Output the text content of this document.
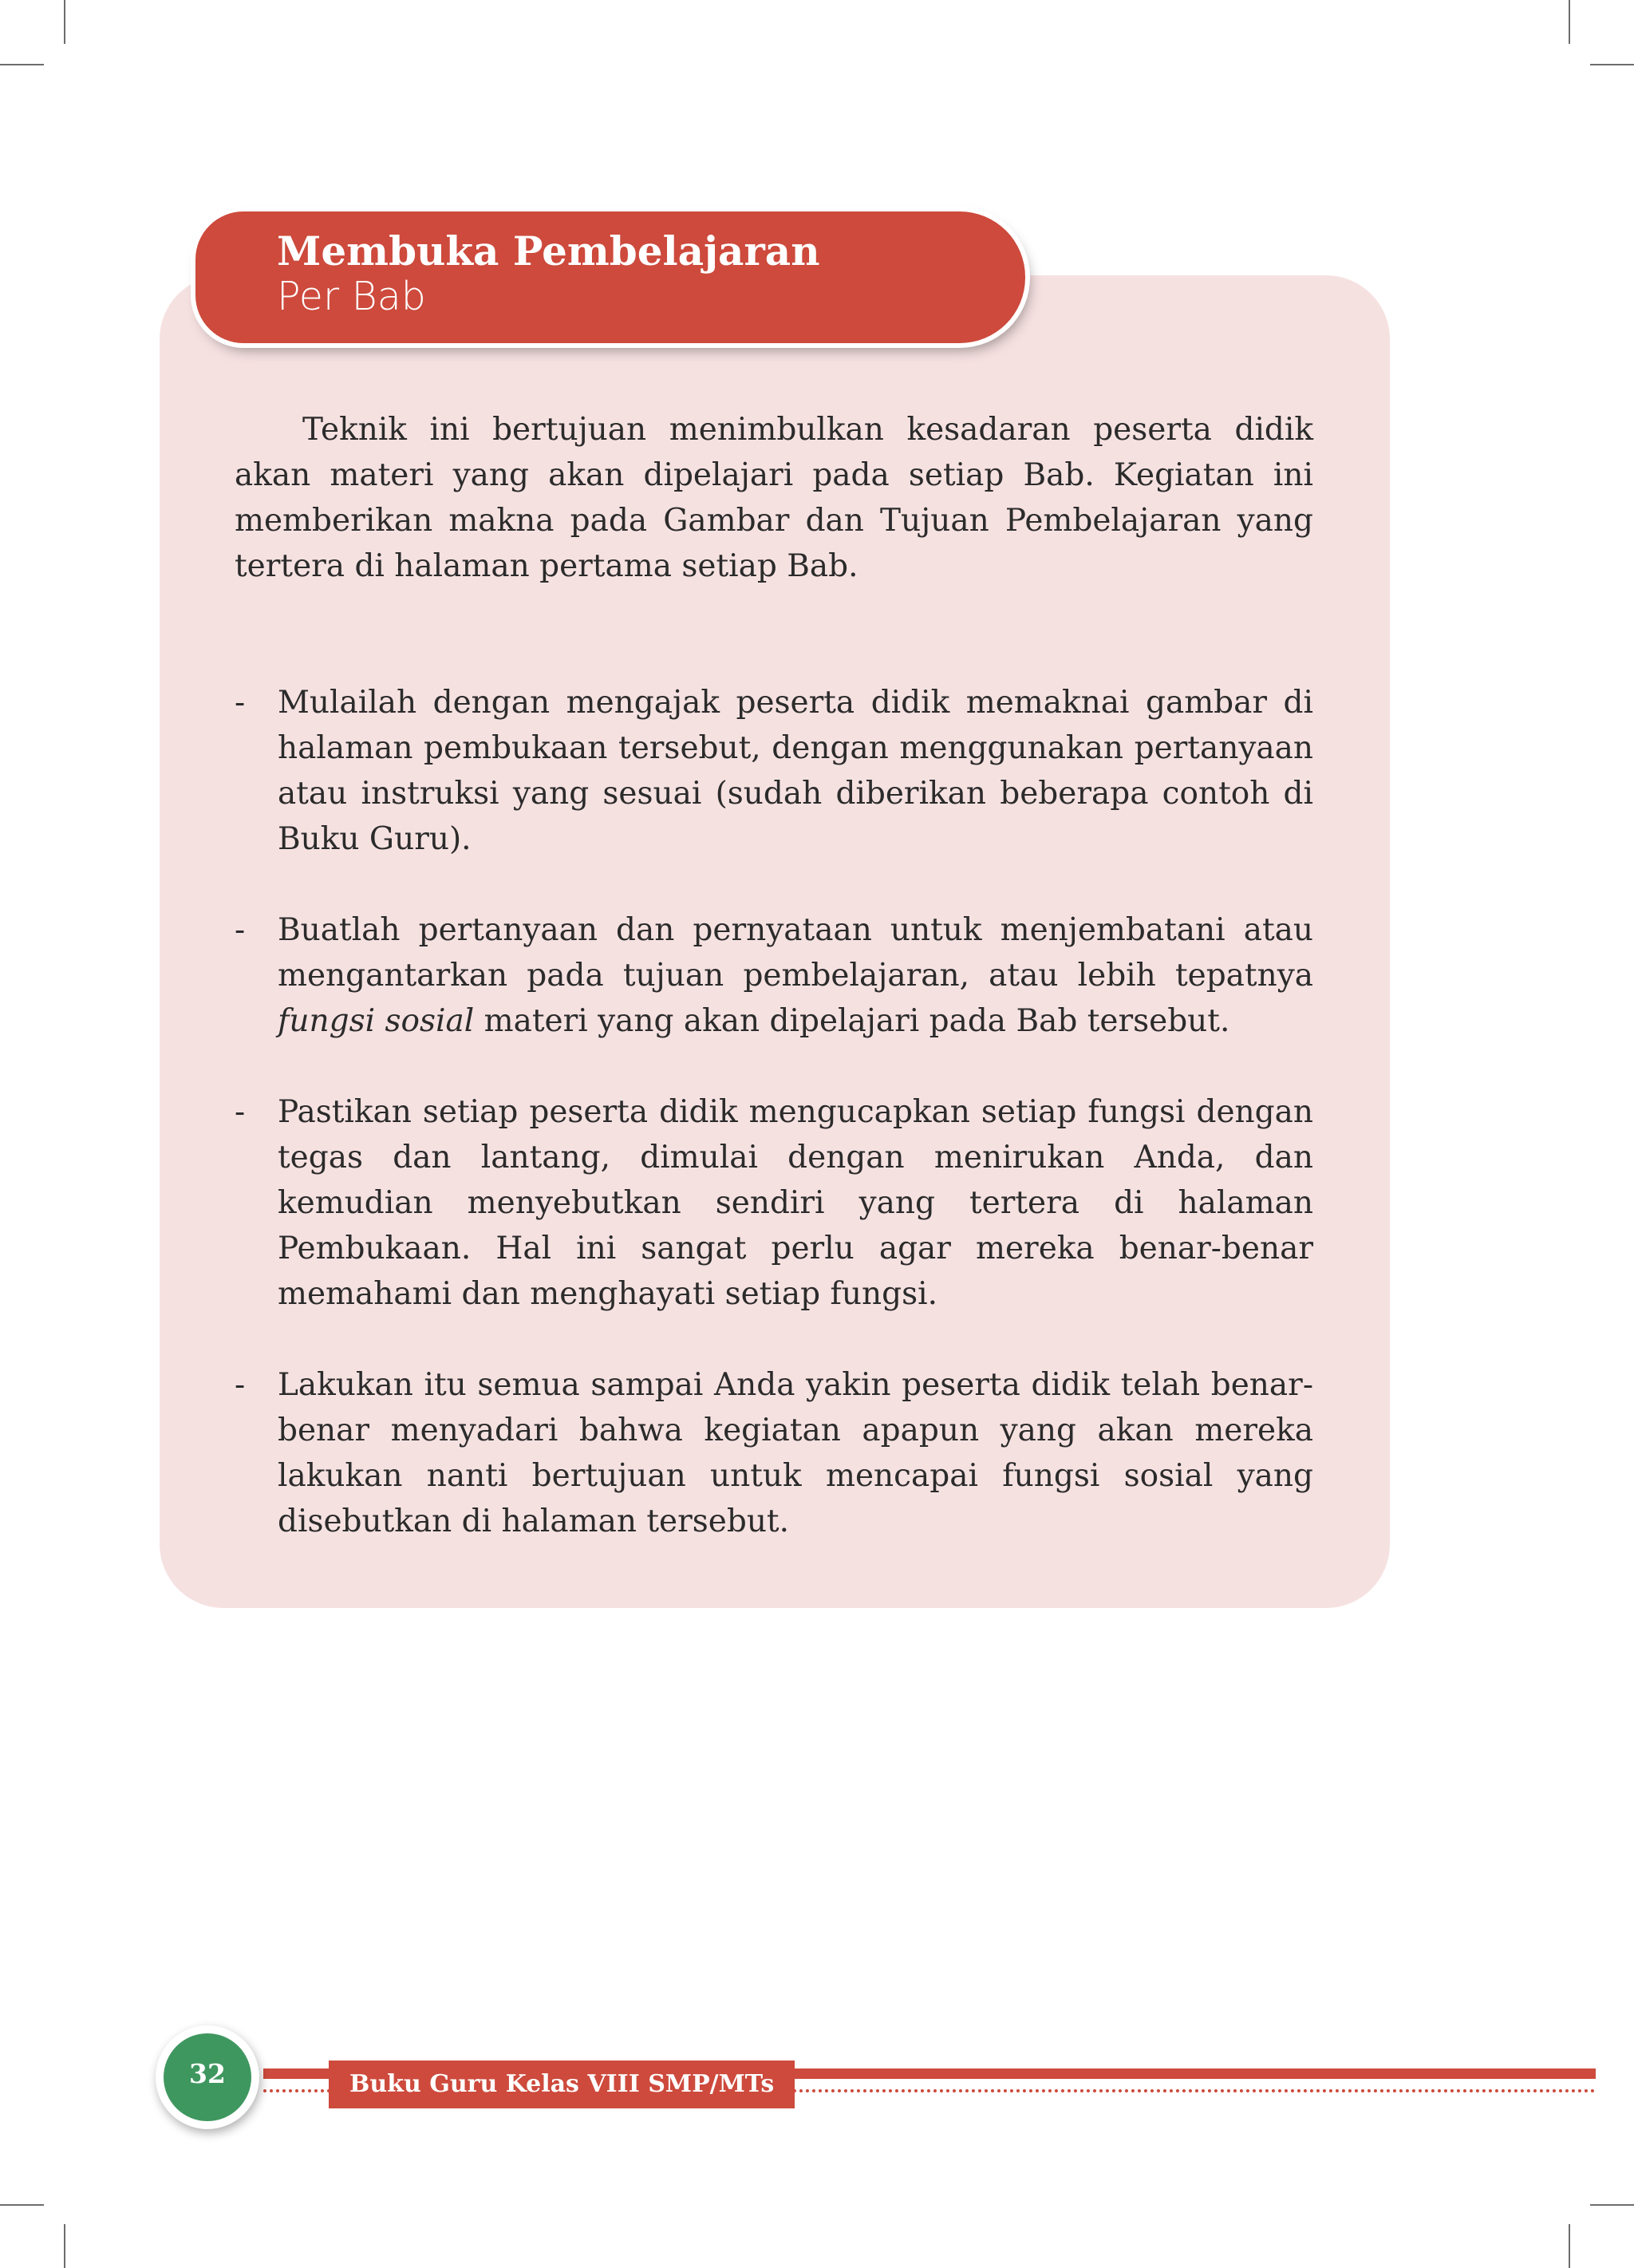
Membuka Pembelajaran
Per Bab

Teknik ini bertujuan menimbulkan kesadaran peserta didik akan materi yang akan dipelajari pada setiap Bab. Kegiatan ini memberikan makna pada Gambar dan Tujuan Pembelajaran yang tertera di halaman pertama setiap Bab.

- Mulailah dengan mengajak peserta didik memaknai gambar di halaman pembukaan tersebut, dengan menggunakan pertanyaan atau instruksi yang sesuai (sudah diberikan beberapa contoh di Buku Guru).
- Buatlah pertanyaan dan pernyataan untuk menjembatani atau mengantarkan pada tujuan pembelajaran, atau lebih tepatnya fungsi sosial materi yang akan dipelajari pada Bab tersebut.
- Pastikan setiap peserta didik mengucapkan setiap fungsi dengan tegas dan lantang, dimulai dengan menirukan Anda, dan kemudian menyebutkan sendiri yang tertera di halaman Pembukaan. Hal ini sangat perlu agar mereka benar-benar memahami dan menghayati setiap fungsi.
- Lakukan itu semua sampai Anda yakin peserta didik telah benar-benar menyadari bahwa kegiatan apapun yang akan mereka lakukan nanti bertujuan untuk mencapai fungsi sosial yang disebutkan di halaman tersebut.
Buku Guru Kelas VIII SMP/MTs
32
